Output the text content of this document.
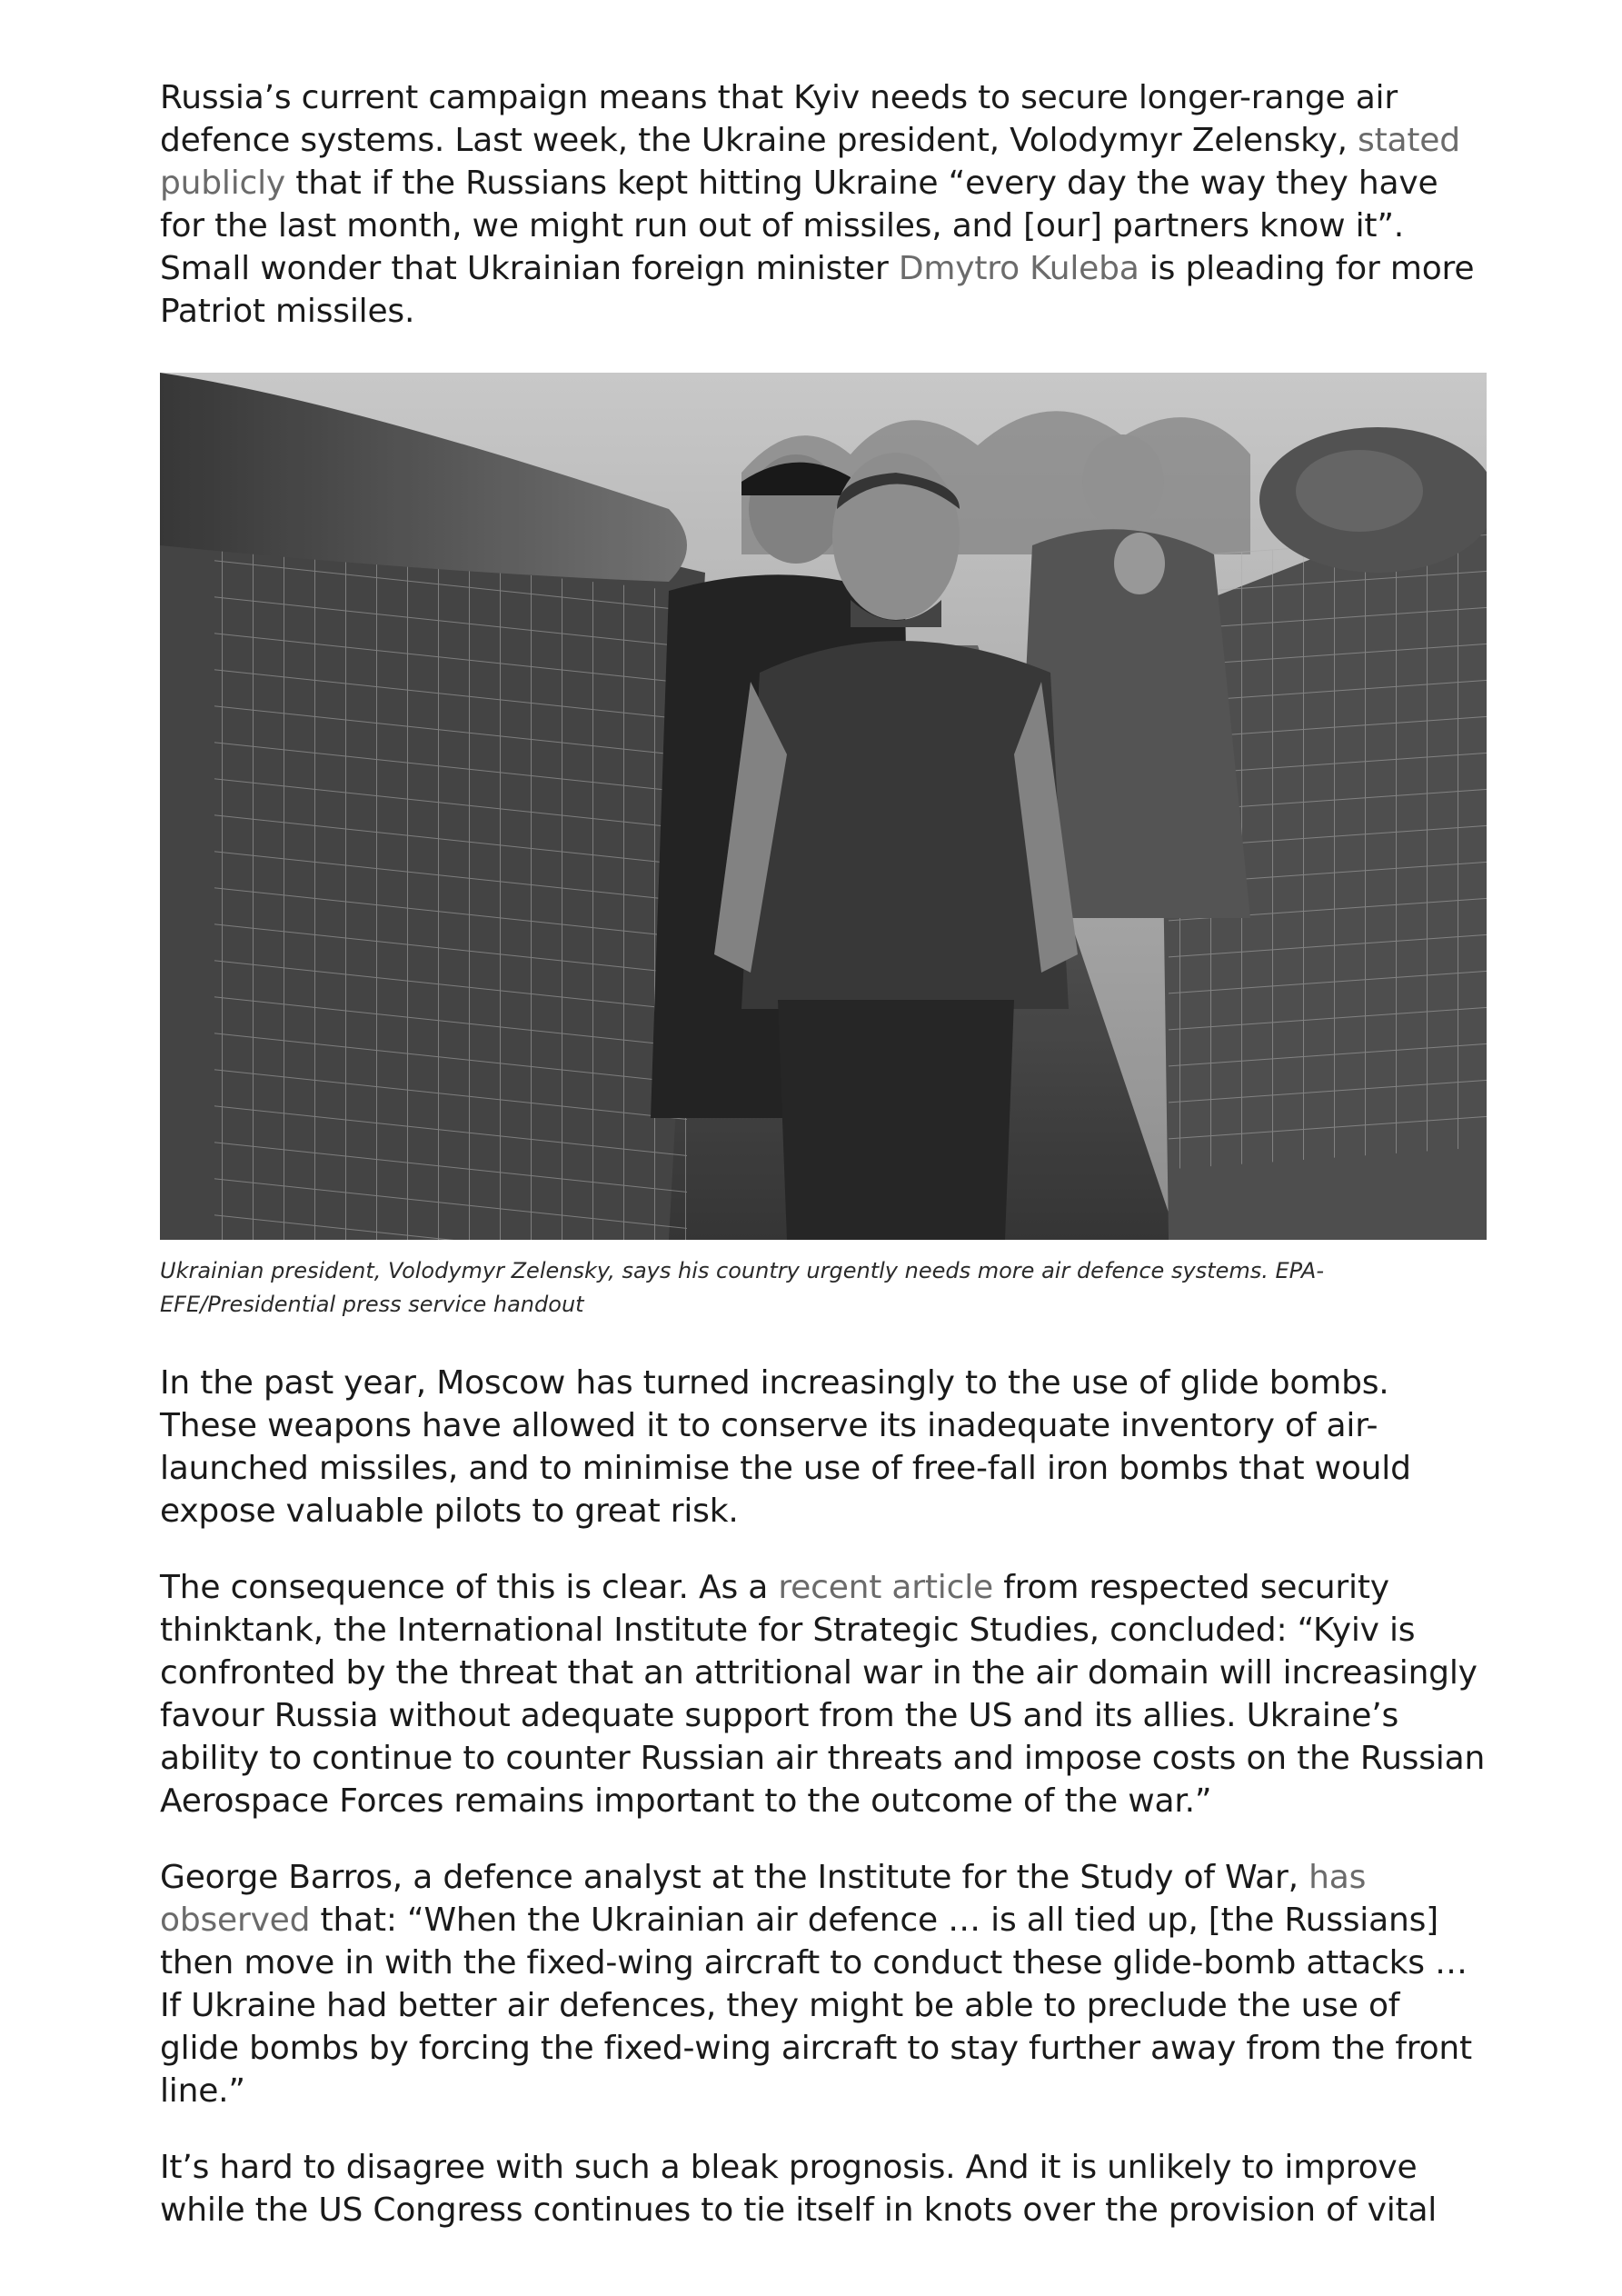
Russia’s current campaign means that Kyiv needs to secure longer-range air defence systems. Last week, the Ukraine president, Volodymyr Zelensky, stated publicly that if the Russians kept hitting Ukraine “every day the way they have for the last month, we might run out of missiles, and [our] partners know it”. Small wonder that Ukrainian foreign minister Dmytro Kuleba is pleading for more Patriot missiles.

Ukrainian president, Volodymyr Zelensky, says his country urgently needs more air defence systems. EPA-EFE/Presidential press service handout

In the past year, Moscow has turned increasingly to the use of glide bombs. These weapons have allowed it to conserve its inadequate inventory of air-launched missiles, and to minimise the use of free-fall iron bombs that would expose valuable pilots to great risk.

The consequence of this is clear. As a recent article from respected security thinktank, the International Institute for Strategic Studies, concluded: “Kyiv is confronted by the threat that an attritional war in the air domain will increasingly favour Russia without adequate support from the US and its allies. Ukraine’s ability to continue to counter Russian air threats and impose costs on the Russian Aerospace Forces remains important to the outcome of the war.”

George Barros, a defence analyst at the Institute for the Study of War, has observed that: “When the Ukrainian air defence … is all tied up, [the Russians] then move in with the fixed-wing aircraft to conduct these glide-bomb attacks … If Ukraine had better air defences, they might be able to preclude the use of glide bombs by forcing the fixed-wing aircraft to stay further away from the front line.”

It’s hard to disagree with such a bleak prognosis. And it is unlikely to improve while the US Congress continues to tie itself in knots over the provision of vital
